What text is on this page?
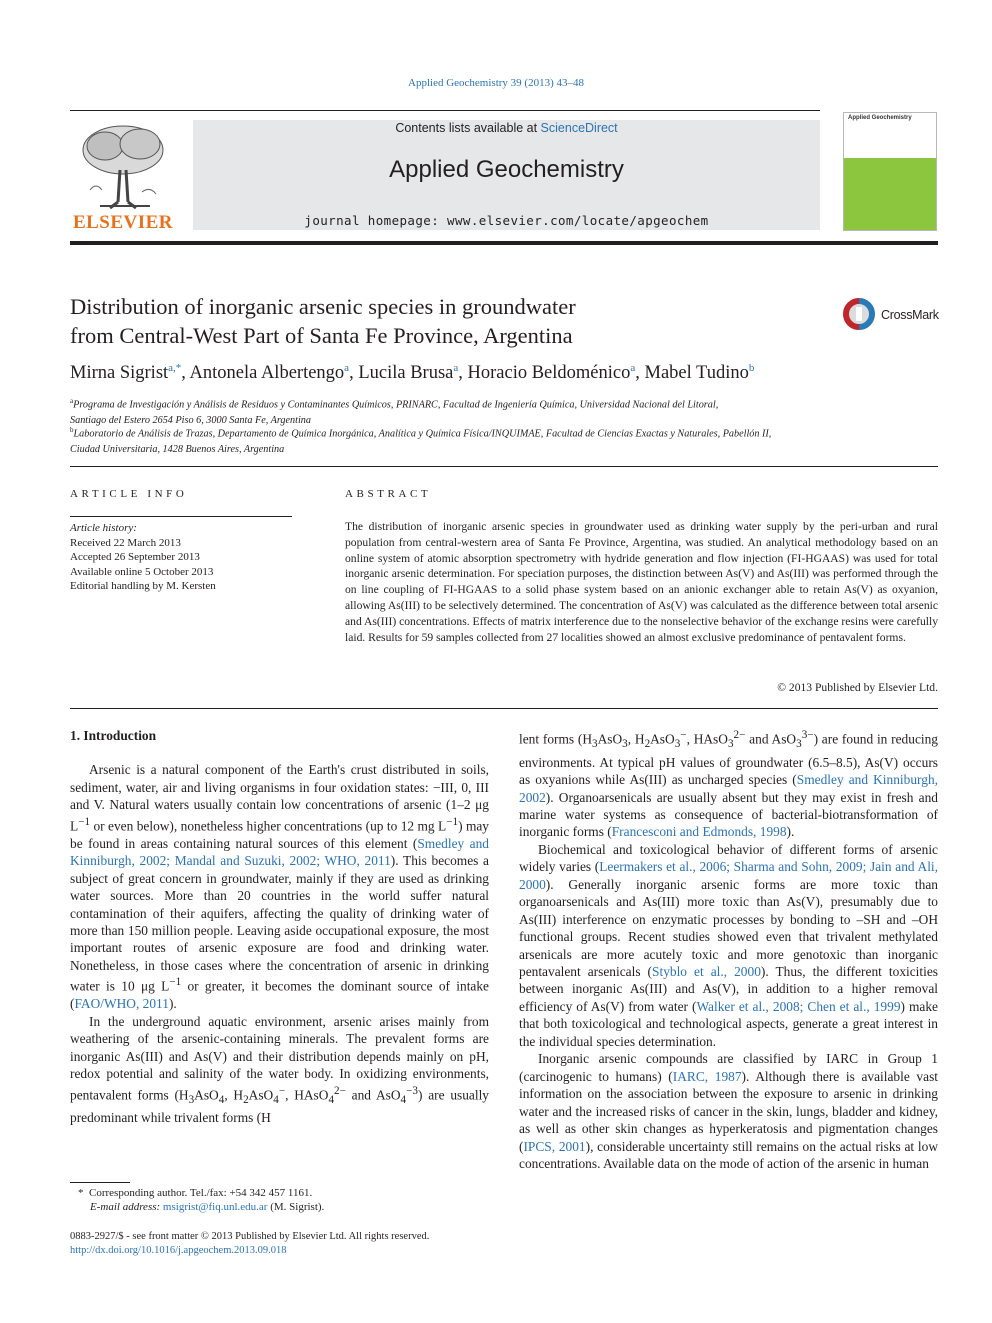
Applied Geochemistry 39 (2013) 43–48
ELSEVIER
Contents lists available at ScienceDirect
Applied Geochemistry
journal homepage: www.elsevier.com/locate/apgeochem
Applied Geochemistry
Distribution of inorganic arsenic species in groundwater
from Central-West Part of Santa Fe Province, Argentina
CrossMark
Mirna Sigrist$^{a,*}$, Antonela Albertengo$^a$, Lucila Brusa$^a$, Horacio Beldoménico$^a$, Mabel Tudino$^b$
$^a$Programa de Investigación y Análisis de Residuos y Contaminantes Químicos, PRINARC, Facultad de Ingeniería Química, Universidad Nacional del Litoral,
Santiago del Estero 2654 Piso 6, 3000 Santa Fe, Argentina
$^b$Laboratorio de Análisis de Trazas, Departamento de Química Inorgánica, Analítica y Química Física/INQUIMAE, Facultad de Ciencias Exactas y Naturales, Pabellón II,
Ciudad Universitaria, 1428 Buenos Aires, Argentina
ARTICLE INFO
Article history:
Received 22 March 2013
Accepted 26 September 2013
Available online 5 October 2013
Editorial handling by M. Kersten
ABSTRACT
The distribution of inorganic arsenic species in groundwater used as drinking water supply by the peri-urban and rural population from central-western area of Santa Fe Province, Argentina, was studied. An analytical methodology based on an online system of atomic absorption spectrometry with hydride generation and flow injection (FI-HGAAS) was used for total inorganic arsenic determination. For speciation purposes, the distinction between As(V) and As(III) was performed through the on line coupling of FI-HGAAS to a solid phase system based on an anionic exchanger able to retain As(V) as oxyanion, allowing As(III) to be selectively determined. The concentration of As(V) was calculated as the difference between total arsenic and As(III) concentrations. Effects of matrix interference due to the nonselective behavior of the exchange resins were carefully laid. Results for 59 samples collected from 27 localities showed an almost exclusive predominance of pentavalent forms.
© 2013 Published by Elsevier Ltd.
1. Introduction

Arsenic is a natural component of the Earth's crust distributed in soils, sediment, water, air and living organisms in four oxidation states: −III, 0, III and V. Natural waters usually contain low concentrations of arsenic (1–2 μg $L^{-1}$ or even below), nonetheless higher concentrations (up to 12 mg $L^{-1}$) may be found in areas containing natural sources of this element (Smedley and Kinniburgh, 2002; Mandal and Suzuki, 2002; WHO, 2011). This becomes a subject of great concern in groundwater, mainly if they are used as drinking water sources. More than 20 countries in the world suffer natural contamination of their aquifers, affecting the quality of drinking water of more than 150 million people. Leaving aside occupational exposure, the most important routes of arsenic exposure are food and drinking water. Nonetheless, in those cases where the concentration of arsenic in drinking water is 10 μg $L^{-1}$ or greater, it becomes the dominant source of intake (FAO/WHO, 2011).

In the underground aquatic environment, arsenic arises mainly from weathering of the arsenic-containing minerals. The prevalent forms are inorganic As(III) and As(V) and their distribution depends mainly on pH, redox potential and salinity of the water body. In oxidizing environments, pentavalent forms ($H_3AsO_4$, $H_2AsO_4^-$, HAsO$_4^{2-}$ and AsO$_4^{-3}$) are usually predominant while trivalent forms (H

lent forms ($H_3AsO_3$, $H_2AsO_3^-$, HAsO$_3^{2-}$ and AsO$_3^{3-}$) are found in reducing environments. At typical pH values of groundwater (6.5–8.5), As(V) occurs as oxyanions while As(III) as uncharged species (Smedley and Kinniburgh, 2002). Organoarsenicals are usually absent but they may exist in fresh and marine water systems as consequence of bacterial-biotransformation of inorganic forms (Francesconi and Edmonds, 1998).

Biochemical and toxicological behavior of different forms of arsenic widely varies (Leermakers et al., 2006; Sharma and Sohn, 2009; Jain and Ali, 2000). Generally inorganic arsenic forms are more toxic than organoarsenicals and As(III) more toxic than As(V), presumably due to As(III) interference on enzymatic processes by bonding to –SH and –OH functional groups. Recent studies showed even that trivalent methylated arsenicals are more acutely toxic and more genotoxic than inorganic pentavalent arsenicals (Styblo et al., 2000). Thus, the different toxicities between inorganic As(III) and As(V), in addition to a higher removal efficiency of As(V) from water (Walker et al., 2008; Chen et al., 1999) make that both toxicological and technological aspects, generate a great interest in the individual species determination.

Inorganic arsenic compounds are classified by IARC in Group 1 (carcinogenic to humans) (IARC, 1987). Although there is available vast information on the association between the exposure to arsenic in drinking water and the increased risks of cancer in the skin, lungs, bladder and kidney, as well as other skin changes as hyperkeratosis and pigmentation changes (IPCS, 2001), considerable uncertainty still remains on the actual risks at low concentrations. Available data on the mode of action of the arsenic in human

* Corresponding author. Tel./fax: +54 342 457 1161.
E-mail address: msigrist@fiq.unl.edu.ar (M. Sigrist).
0883-2927/$ - see front matter © 2013 Published by Elsevier Ltd. All rights reserved.
http://dx.doi.org/10.1016/j.apgeochem.2013.09.018
